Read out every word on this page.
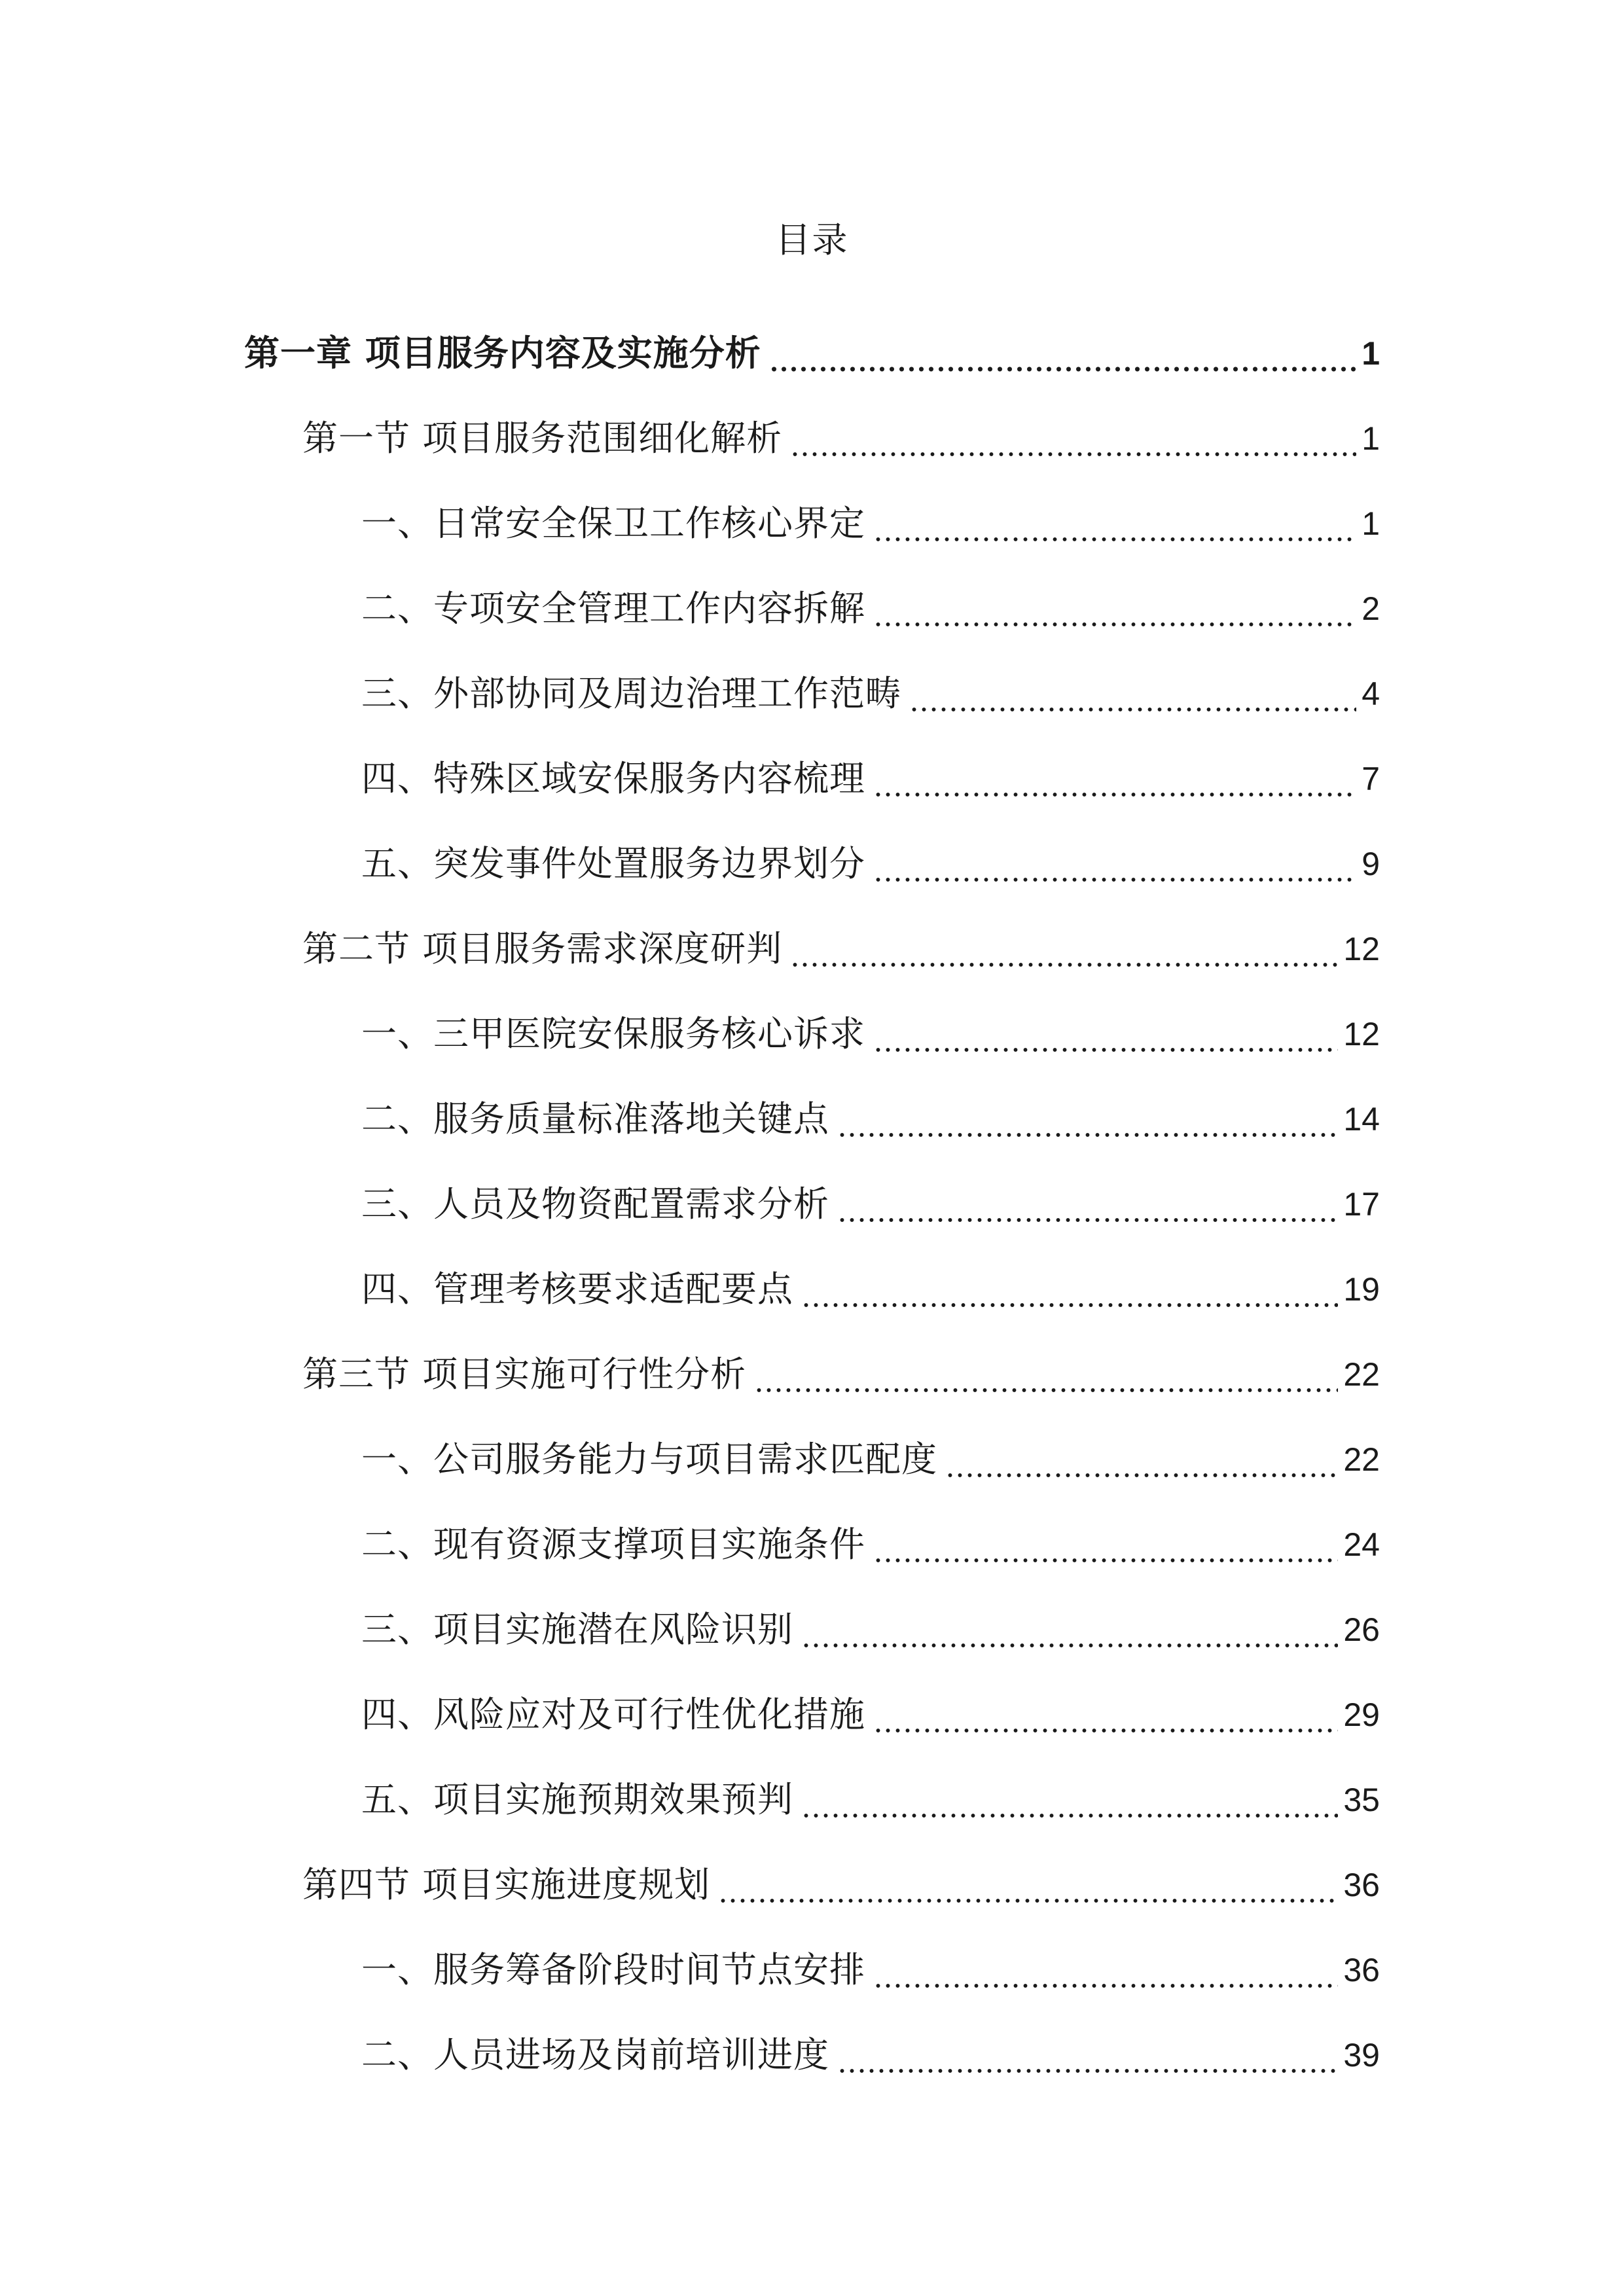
目录
第一章 项目服务内容及实施分析	1
第一节 项目服务范围细化解析	1
一、日常安全保卫工作核心界定	1
二、专项安全管理工作内容拆解	2
三、外部协同及周边治理工作范畴	4
四、特殊区域安保服务内容梳理	7
五、突发事件处置服务边界划分	9
第二节 项目服务需求深度研判	12
一、三甲医院安保服务核心诉求	12
二、服务质量标准落地关键点	14
三、人员及物资配置需求分析	17
四、管理考核要求适配要点	19
第三节 项目实施可行性分析	22
一、公司服务能力与项目需求匹配度	22
二、现有资源支撑项目实施条件	24
三、项目实施潜在风险识别	26
四、风险应对及可行性优化措施	29
五、项目实施预期效果预判	35
第四节 项目实施进度规划	36
一、服务筹备阶段时间节点安排	36
二、人员进场及岗前培训进度	39
